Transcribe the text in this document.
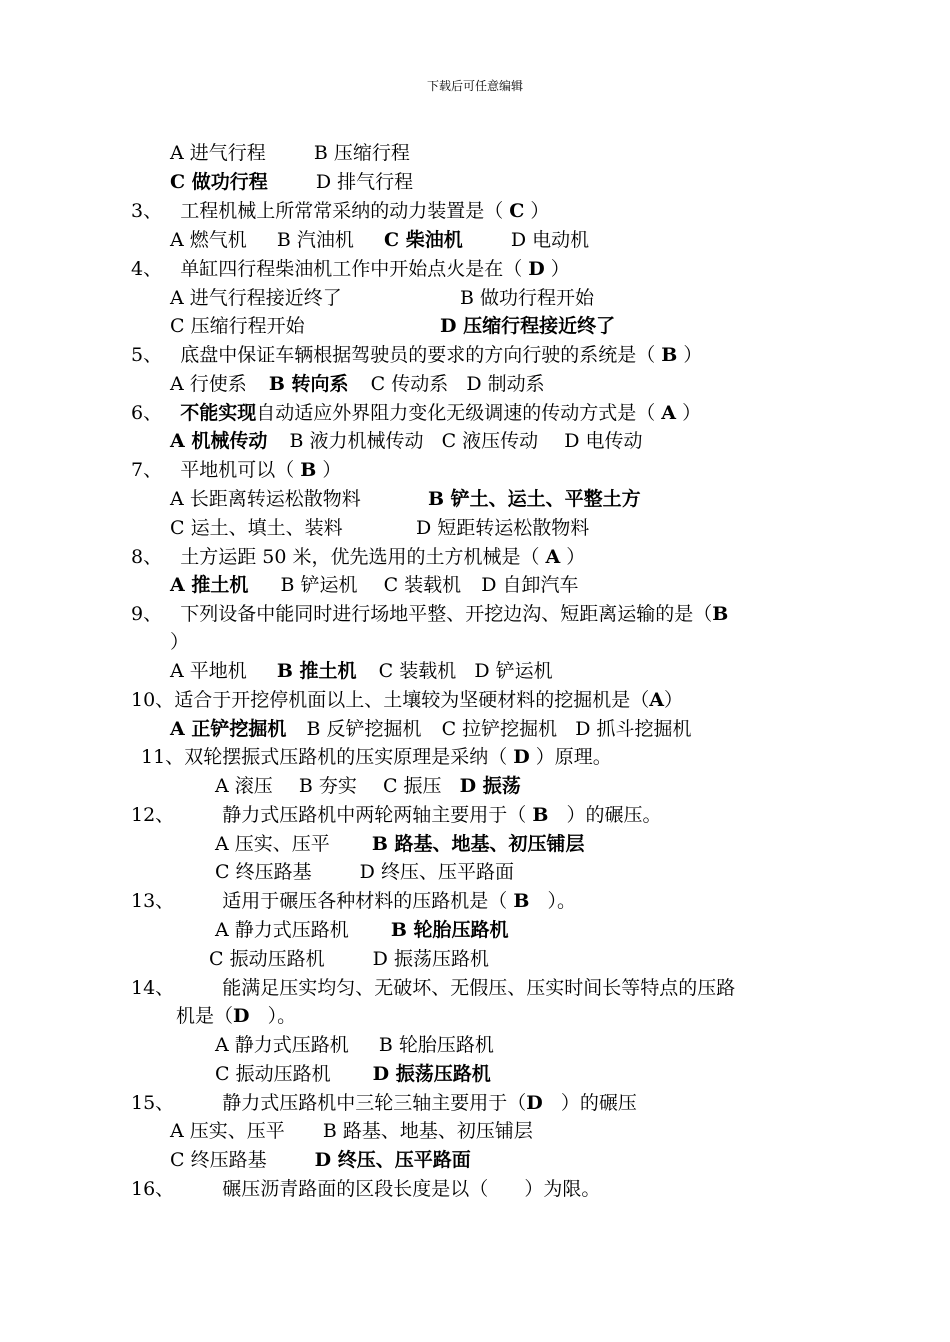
下载后可任意编辑
A 进气行程	B 压缩行程
C 做功行程	D 排气行程
3、 工程机械上所常常采纳的动力装置是（ C ）
A 燃气机 B 汽油机 C 柴油机	D 电动机
4、 单缸四行程柴油机工作中开始点火是在（ D ）
A 进气行程接近终了	B 做功行程开始
C 压缩行程开始	D 压缩行程接近终了
5、 底盘中保证车辆根据驾驶员的要求的方向行驶的系统是（ B ）
A 行使系 B 转向系 C 传动系 D 制动系
6、 不能实现自动适应外界阻力变化无级调速的传动方式是（ A ）
A 机械传动 B 液力机械传动 C 液压传动 D 电传动
7、 平地机可以（ B ）
A 长距离转运松散物料	B 铲土、运土、平整土方
C 运土、填土、装料	D 短距转运松散物料
8、 土方运距 50 米，优先选用的土方机械是（ A ）
A 推土机 B 铲运机 C 装载机 D 自卸汽车
9、 下列设备中能同时进行场地平整、开挖边沟、短距离运输的是（B
）
A 平地机 B 推土机 C 装载机 D 铲运机
10、适合于开挖停机面以上、土壤较为坚硬材料的挖掘机是（A）
A 正铲挖掘机 B 反铲挖掘机 C 拉铲挖掘机 D 抓斗挖掘机
11、双轮摆振式压路机的压实原理是采纳（ D ）原理。
A 滚压 B 夯实 C 振压 D 振荡
12、	静力式压路机中两轮两轴主要用于（ B ）的碾压。
A 压实、压平 B 路基、地基、初压铺层
C 终压路基	D 终压、压平路面
13、	适用于碾压各种材料的压路机是（ B ）。
A 静力式压路机 B 轮胎压路机
C 振动压路机	D 振荡压路机
14、	能满足压实均匀、无破坏、无假压、压实时间长等特点的压路
机是（D ）。
A 静力式压路机 B 轮胎压路机
C 振动压路机 D 振荡压路机
15、	静力式压路机中三轮三轴主要用于（D ）的碾压
A 压实、压平 B 路基、地基、初压铺层
C 终压路基	D 终压、压平路面
16、	碾压沥青路面的区段长度是以（ ）为限。
